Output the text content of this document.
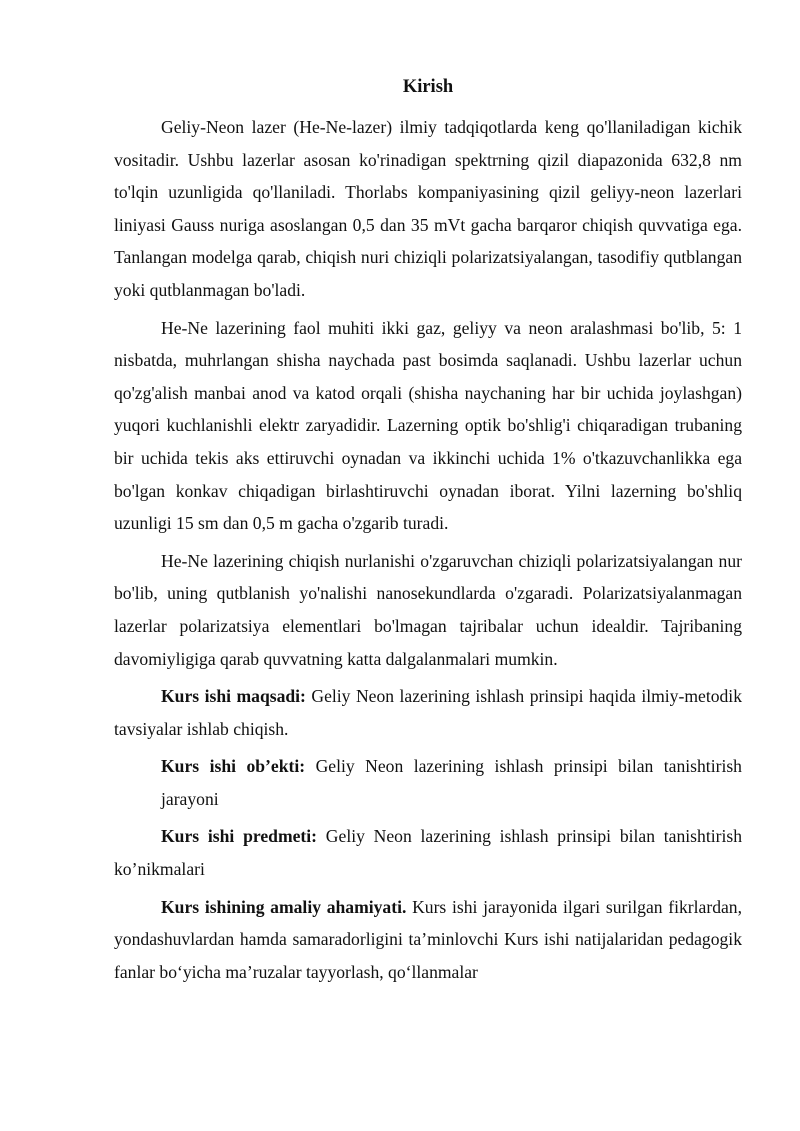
Kirish

Geliy-Neon lazer (He-Ne-lazer) ilmiy tadqiqotlarda keng qo'llaniladigan kichik vositadir. Ushbu lazerlar asosan ko'rinadigan spektrning qizil diapazonida 632,8 nm to'lqin uzunligida qo'llaniladi. Thorlabs kompaniyasining qizil geliyy-neon lazerlari liniyasi Gauss nuriga asoslangan 0,5 dan 35 mVt gacha barqaror chiqish quvvatiga ega. Tanlangan modelga qarab, chiqish nuri chiziqli polarizatsiyalangan, tasodifiy qutblangan yoki qutblanmagan bo'ladi.

He-Ne lazerining faol muhiti ikki gaz, geliyy va neon aralashmasi bo'lib, 5: 1 nisbatda, muhrlangan shisha naychada past bosimda saqlanadi. Ushbu lazerlar uchun qo'zg'alish manbai anod va katod orqali (shisha naychaning har bir uchida joylashgan) yuqori kuchlanishli elektr zaryadidir. Lazerning optik bo'shlig'i chiqaradigan trubaning bir uchida tekis aks ettiruvchi oynadan va ikkinchi uchida 1% o'tkazuvchanlikka ega bo'lgan konkav chiqadigan birlashtiruvchi oynadan iborat. Yilni lazerning bo'shliq uzunligi 15 sm dan 0,5 m gacha o'zgarib turadi.

He-Ne lazerining chiqish nurlanishi o'zgaruvchan chiziqli polarizatsiyalangan nur bo'lib, uning qutblanish yo'nalishi nanosekundlarda o'zgaradi. Polarizatsiyalanmagan lazerlar polarizatsiya elementlari bo'lmagan tajribalar uchun idealdir. Tajribaning davomiyligiga qarab quvvatning katta dalgalanmalari mumkin.

Kurs ishi maqsadi: Geliy Neon lazerining ishlash prinsipi haqida ilmiy-metodik tavsiyalar ishlab chiqish.

Kurs ishi ob’ekti: Geliy Neon lazerining ishlash prinsipi bilan tanishtirish jarayoni

Kurs ishi predmeti: Geliy Neon lazerining ishlash prinsipi bilan tanishtirish ko’nikmalari

Kurs ishining amaliy ahamiyati. Kurs ishi jarayonida ilgari surilgan fikrlardan, yondashuvlardan hamda samaradorligini ta’minlovchi Kurs ishi natijalaridan pedagogik fanlar bo‘yicha ma’ruzalar tayyorlash, qo‘llanmalar
